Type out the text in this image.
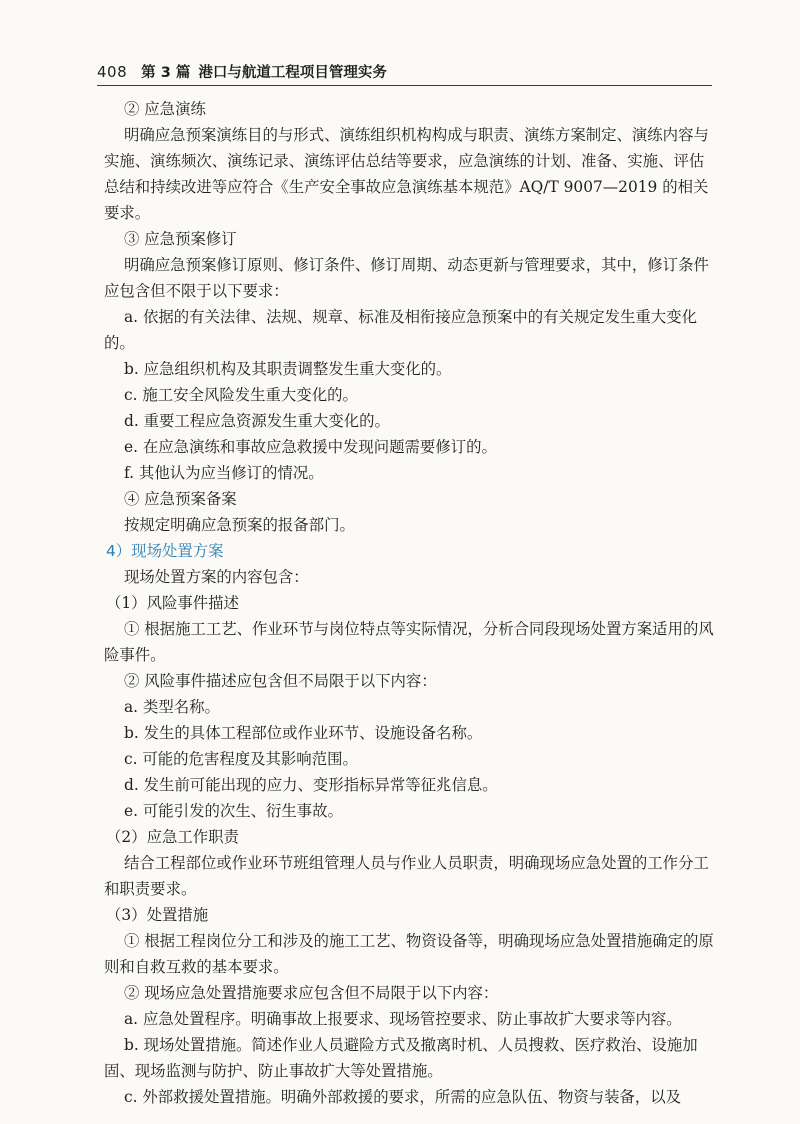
408 第 3 篇 港口与航道工程项目管理实务

② 应急演练

明确应急预案演练目的与形式、演练组织机构构成与职责、演练方案制定、演练内容与实施、演练频次、演练记录、演练评估总结等要求，应急演练的计划、准备、实施、评估总结和持续改进等应符合《生产安全事故应急演练基本规范》AQ/T 9007—2019 的相关要求。

③ 应急预案修订

明确应急预案修订原则、修订条件、修订周期、动态更新与管理要求，其中，修订条件应包含但不限于以下要求：

a. 依据的有关法律、法规、规章、标准及相衔接应急预案中的有关规定发生重大变化的。

b. 应急组织机构及其职责调整发生重大变化的。

c. 施工安全风险发生重大变化的。

d. 重要工程应急资源发生重大变化的。

e. 在应急演练和事故应急救援中发现问题需要修订的。

f. 其他认为应当修订的情况。

④ 应急预案备案

按规定明确应急预案的报备部门。

4）现场处置方案

现场处置方案的内容包含：

（1）风险事件描述

① 根据施工工艺、作业环节与岗位特点等实际情况，分析合同段现场处置方案适用的风险事件。

② 风险事件描述应包含但不局限于以下内容：

a. 类型名称。

b. 发生的具体工程部位或作业环节、设施设备名称。

c. 可能的危害程度及其影响范围。

d. 发生前可能出现的应力、变形指标异常等征兆信息。

e. 可能引发的次生、衍生事故。

（2）应急工作职责

结合工程部位或作业环节班组管理人员与作业人员职责，明确现场应急处置的工作分工和职责要求。

（3）处置措施

① 根据工程岗位分工和涉及的施工工艺、物资设备等，明确现场应急处置措施确定的原则和自救互救的基本要求。

② 现场应急处置措施要求应包含但不局限于以下内容：

a. 应急处置程序。明确事故上报要求、现场管控要求、防止事故扩大要求等内容。

b. 现场处置措施。简述作业人员避险方式及撤离时机、人员搜救、医疗救治、设施加固、现场监测与防护、防止事故扩大等处置措施。

c. 外部救援处置措施。明确外部救援的要求，所需的应急队伍、物资与装备，以及
